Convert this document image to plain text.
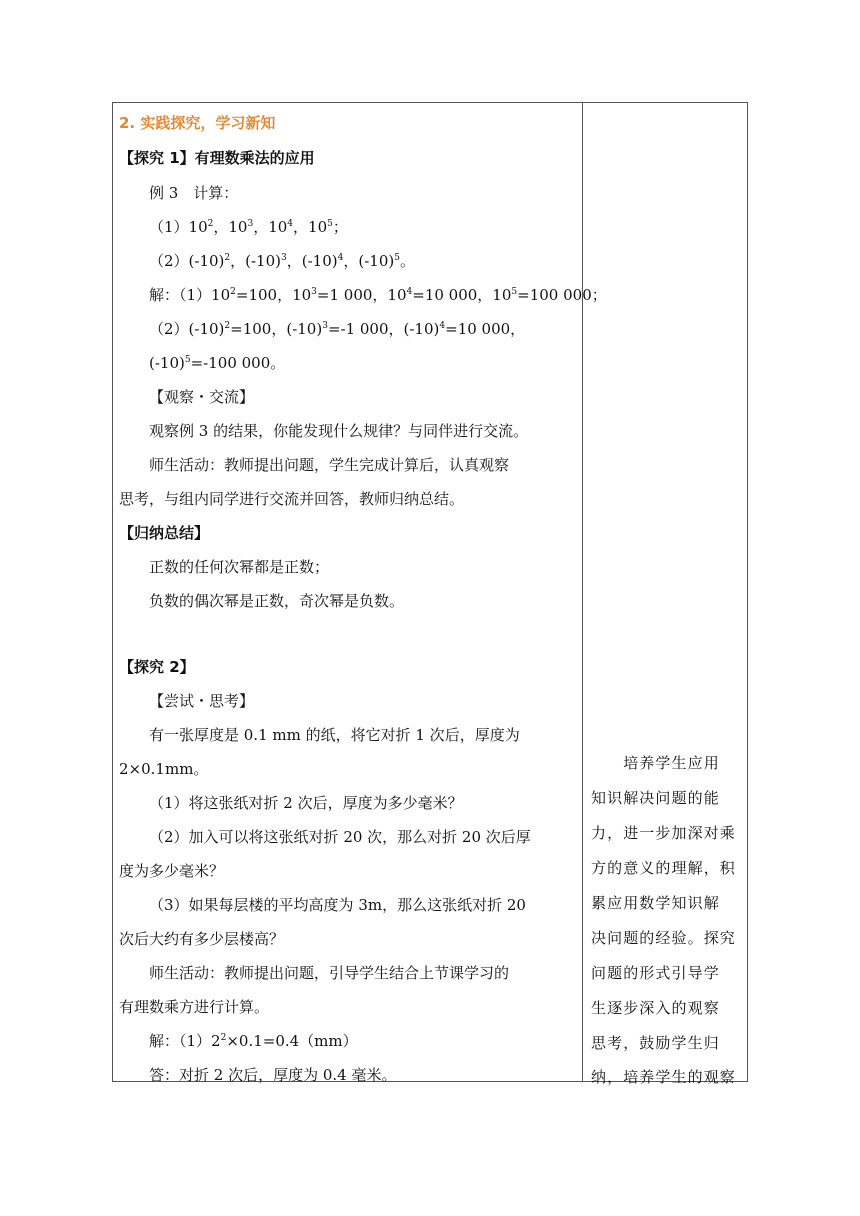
2. 实践探究，学习新知
【探究 1】有理数乘法的应用
例 3　计算：
$(1)10^2$，$10^3$，$10^4$，$10^5$；
$(2)(-10)^2$，$(-10)^3$，$(-10)^4$，$(-10)^5$。
解：$(1)10^2=100$，$10^3=1$ 000，$10^4=10$ 000，$10^5=100$ 000；
$(2)(-10)^2=100$，$(-10)^3=-1$ 000，$(-10)^4=10$ 000，
$(-10)^5=-100$ 000。
【观察・交流】
观察例 3 的结果，你能发现什么规律？与同伴进行交流。
师生活动：教师提出问题，学生完成计算后，认真观察
思考，与组内同学进行交流并回答，教师归纳总结。
【归纳总结】
正数的任何次幂都是正数；
负数的偶次幂是正数，奇次幂是负数。
【探究 2】
【尝试・思考】
有一张厚度是 0.1 mm 的纸，将它对折 1 次后，厚度为
2×0.1mm。
（1）将这张纸对折 2 次后，厚度为多少毫米？
（2）加入可以将这张纸对折 20 次，那么对折 20 次后厚
度为多少毫米？
（3）如果每层楼的平均高度为 3m，那么这张纸对折 20
次后大约有多少层楼高？
师生活动：教师提出问题，引导学生结合上节课学习的
有理数乘方进行计算。
解：$(1)2^2\times 0.1=0.4(mm)$
答：对折 2 次后，厚度为 0.4 毫米。
　　培养学生应用
知识解决问题的能
力，进一步加深对乘
方的意义的理解，积
累应用数学知识解
决问题的经验。探究
问题的形式引导学
生逐步深入的观察
思考，鼓励学生归
纳，培养学生的观察
